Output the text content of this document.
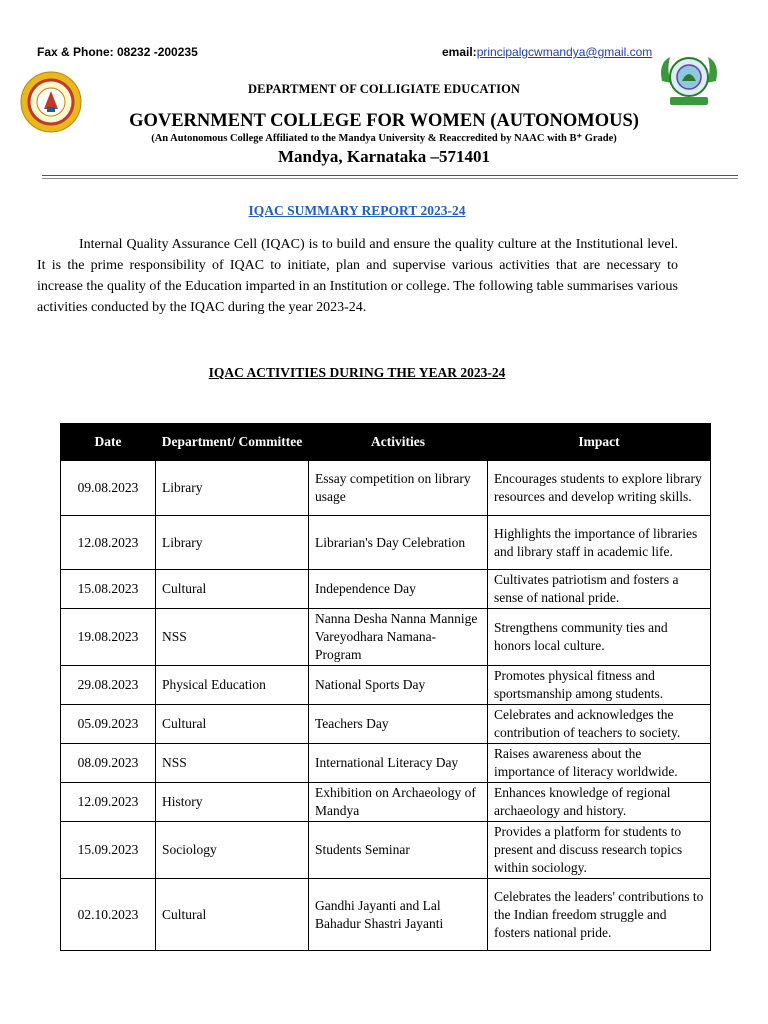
Fax & Phone: 08232 -200235	email:principalgcwmandya@gmail.com
DEPARTMENT OF COLLIGIATE EDUCATION
GOVERNMENT COLLEGE FOR WOMEN (AUTONOMOUS)
(An Autonomous College Affiliated to the Mandya University & Reaccredited by NAAC with B⁺ Grade)
Mandya, Karnataka –571401
IQAC SUMMARY REPORT 2023-24

Internal Quality Assurance Cell (IQAC) is to build and ensure the quality culture at the Institutional level. It is the prime responsibility of IQAC to initiate, plan and supervise various activities that are necessary to increase the quality of the Education imparted in an Institution or college. The following table summarises various activities conducted by the IQAC during the year 2023-24.

IQAC ACTIVITIES DURING THE YEAR 2023-24
Date	Department/ Committee	Activities	Impact
09.08.2023	Library	Essay competition on library usage	Encourages students to explore library resources and develop writing skills.
12.08.2023	Library	Librarian's Day Celebration	Highlights the importance of libraries and library staff in academic life.
15.08.2023	Cultural	Independence Day	Cultivates patriotism and fosters a sense of national pride.
19.08.2023	NSS	Nanna Desha Nanna Mannige Vareyodhara Namana-Program	Strengthens community ties and honors local culture.
29.08.2023	Physical Education	National Sports Day	Promotes physical fitness and sportsmanship among students.
05.09.2023	Cultural	Teachers Day	Celebrates and acknowledges the contribution of teachers to society.
08.09.2023	NSS	International Literacy Day	Raises awareness about the importance of literacy worldwide.
12.09.2023	History	Exhibition on Archaeology of Mandya	Enhances knowledge of regional archaeology and history.
15.09.2023	Sociology	Students Seminar	Provides a platform for students to present and discuss research topics within sociology.
02.10.2023	Cultural	Gandhi Jayanti and Lal Bahadur Shastri Jayanti	Celebrates the leaders' contributions to the Indian freedom struggle and fosters national pride.
